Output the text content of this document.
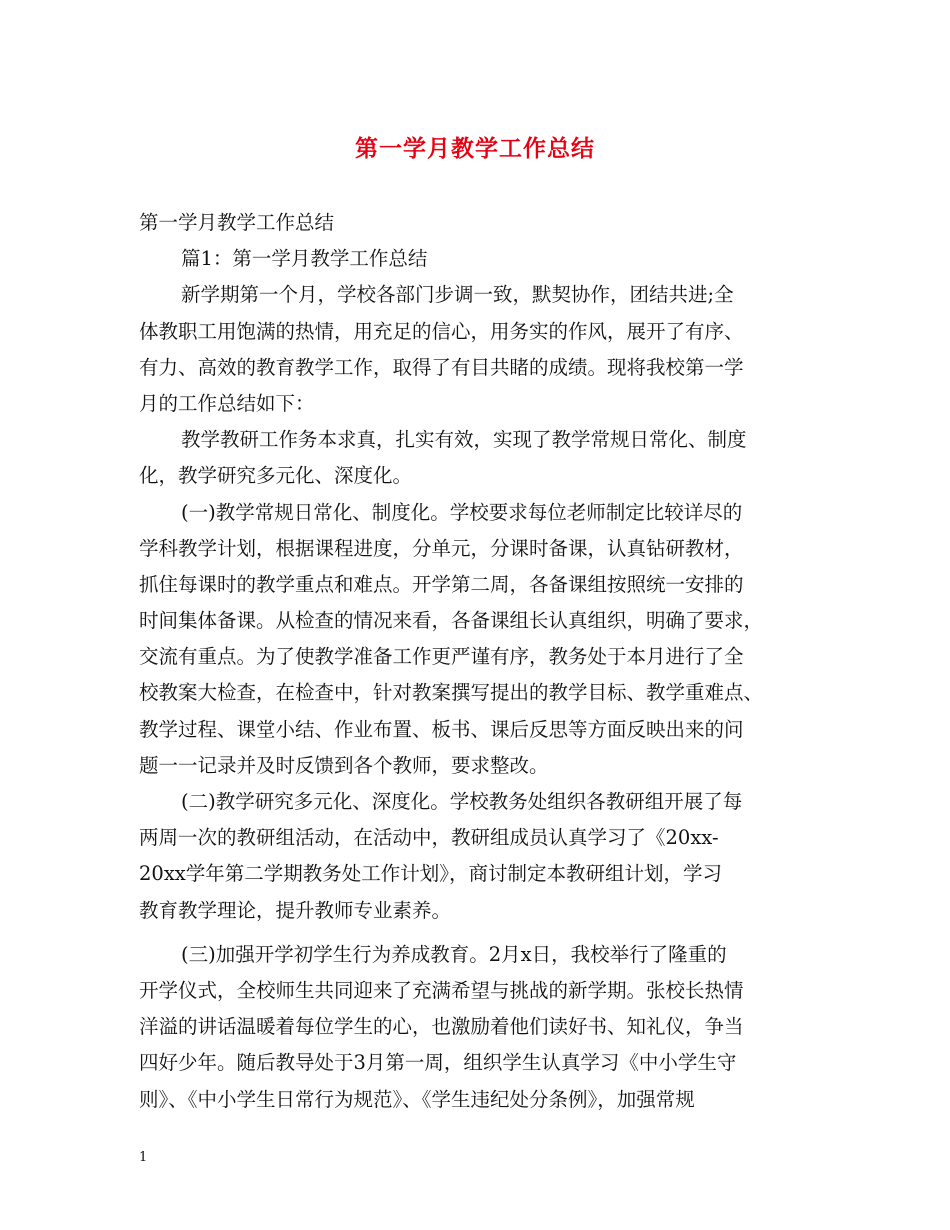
第一学月教学工作总结
第一学月教学工作总结
篇1：第一学月教学工作总结
新学期第一个月，学校各部门步调一致，默契协作，团结共进;全
体教职工用饱满的热情，用充足的信心，用务实的作风，展开了有序、
有力、高效的教育教学工作，取得了有目共睹的成绩。现将我校第一学
月的工作总结如下：
教学教研工作务本求真，扎实有效，实现了教学常规日常化、制度
化，教学研究多元化、深度化。
(一)教学常规日常化、制度化。学校要求每位老师制定比较详尽的
学科教学计划，根据课程进度，分单元，分课时备课，认真钻研教材，
抓住每课时的教学重点和难点。开学第二周，各备课组按照统一安排的
时间集体备课。从检查的情况来看，各备课组长认真组织，明确了要求，
交流有重点。为了使教学准备工作更严谨有序，教务处于本月进行了全
校教案大检查，在检查中，针对教案撰写提出的教学目标、教学重难点、
教学过程、课堂小结、作业布置、板书、课后反思等方面反映出来的问
题一一记录并及时反馈到各个教师，要求整改。
(二)教学研究多元化、深度化。学校教务处组织各教研组开展了每
两周一次的教研组活动，在活动中，教研组成员认真学习了《20xx-
20xx学年第二学期教务处工作计划》，商讨制定本教研组计划，学习
教育教学理论，提升教师专业素养。
(三)加强开学初学生行为养成教育。2月x日，我校举行了隆重的
开学仪式，全校师生共同迎来了充满希望与挑战的新学期。张校长热情
洋溢的讲话温暖着每位学生的心，也激励着他们读好书、知礼仪，争当
四好少年。随后教导处于3月第一周，组织学生认真学习《中小学生守
则》、《中小学生日常行为规范》、《学生违纪处分条例》，加强常规
1
